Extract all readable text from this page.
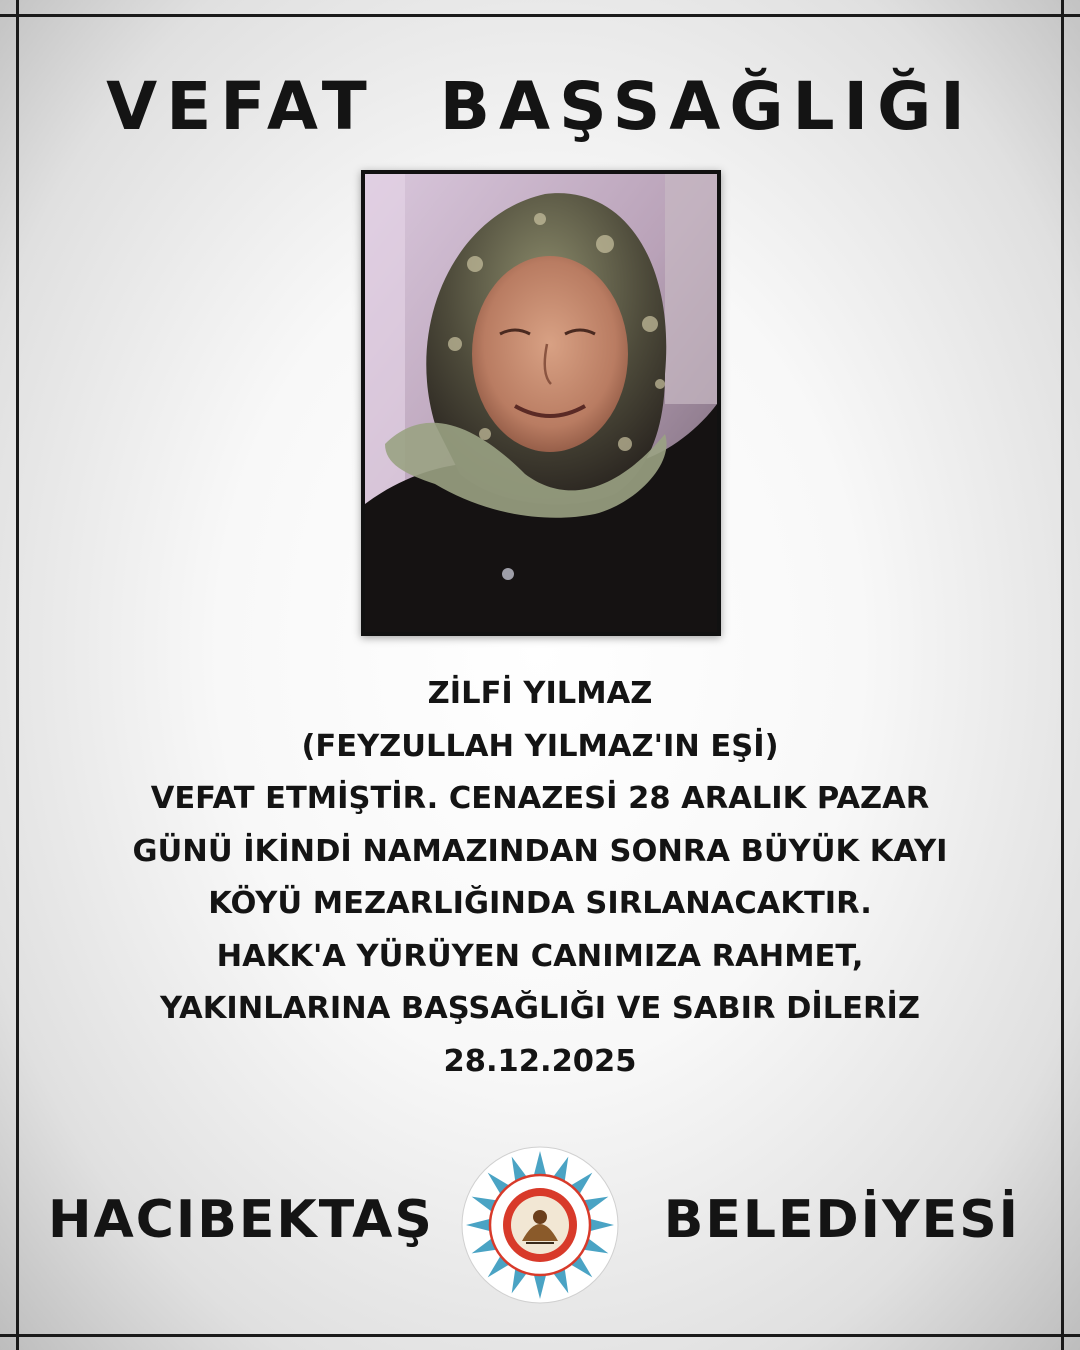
VEFAT  BAŞSAĞLIĞI
ZİLFİ YILMAZ
(FEYZULLAH YILMAZ'IN EŞİ)
VEFAT ETMİŞTİR. CENAZESİ 28 ARALIK PAZAR
GÜNÜ İKİNDİ NAMAZINDAN SONRA BÜYÜK KAYI
KÖYÜ MEZARLIĞINDA SIRLANACAKTIR.
HAKK'A YÜRÜYEN CANIMIZA RAHMET,
YAKINLARINA BAŞSAĞLIĞI VE SABIR DİLERİZ
28.12.2025
HACIBEKTAŞ	BELEDİYESİ
